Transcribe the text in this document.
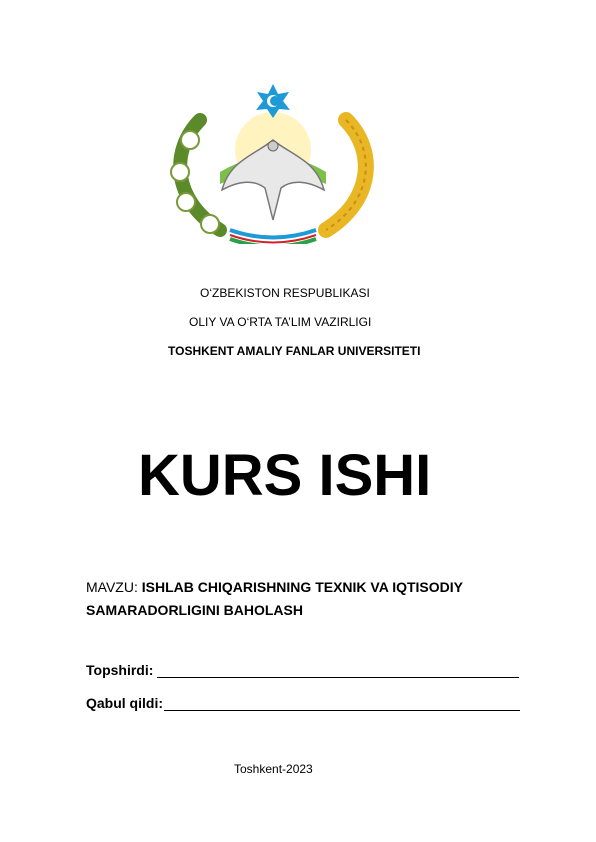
O‘ZBEKISTON RESPUBLIKASI
OLIY VA O‘RTA TA’LIM VAZIRLIGI
TOSHKENT AMALIY FANLAR UNIVERSITETI
KURS ISHI
MAVZU: ISHLAB CHIQARISHNING TEXNIK VA IQTISODIY SAMARADORLIGINI BAHOLASH
Topshirdi:
Qabul qildi:
Toshkent-2023
